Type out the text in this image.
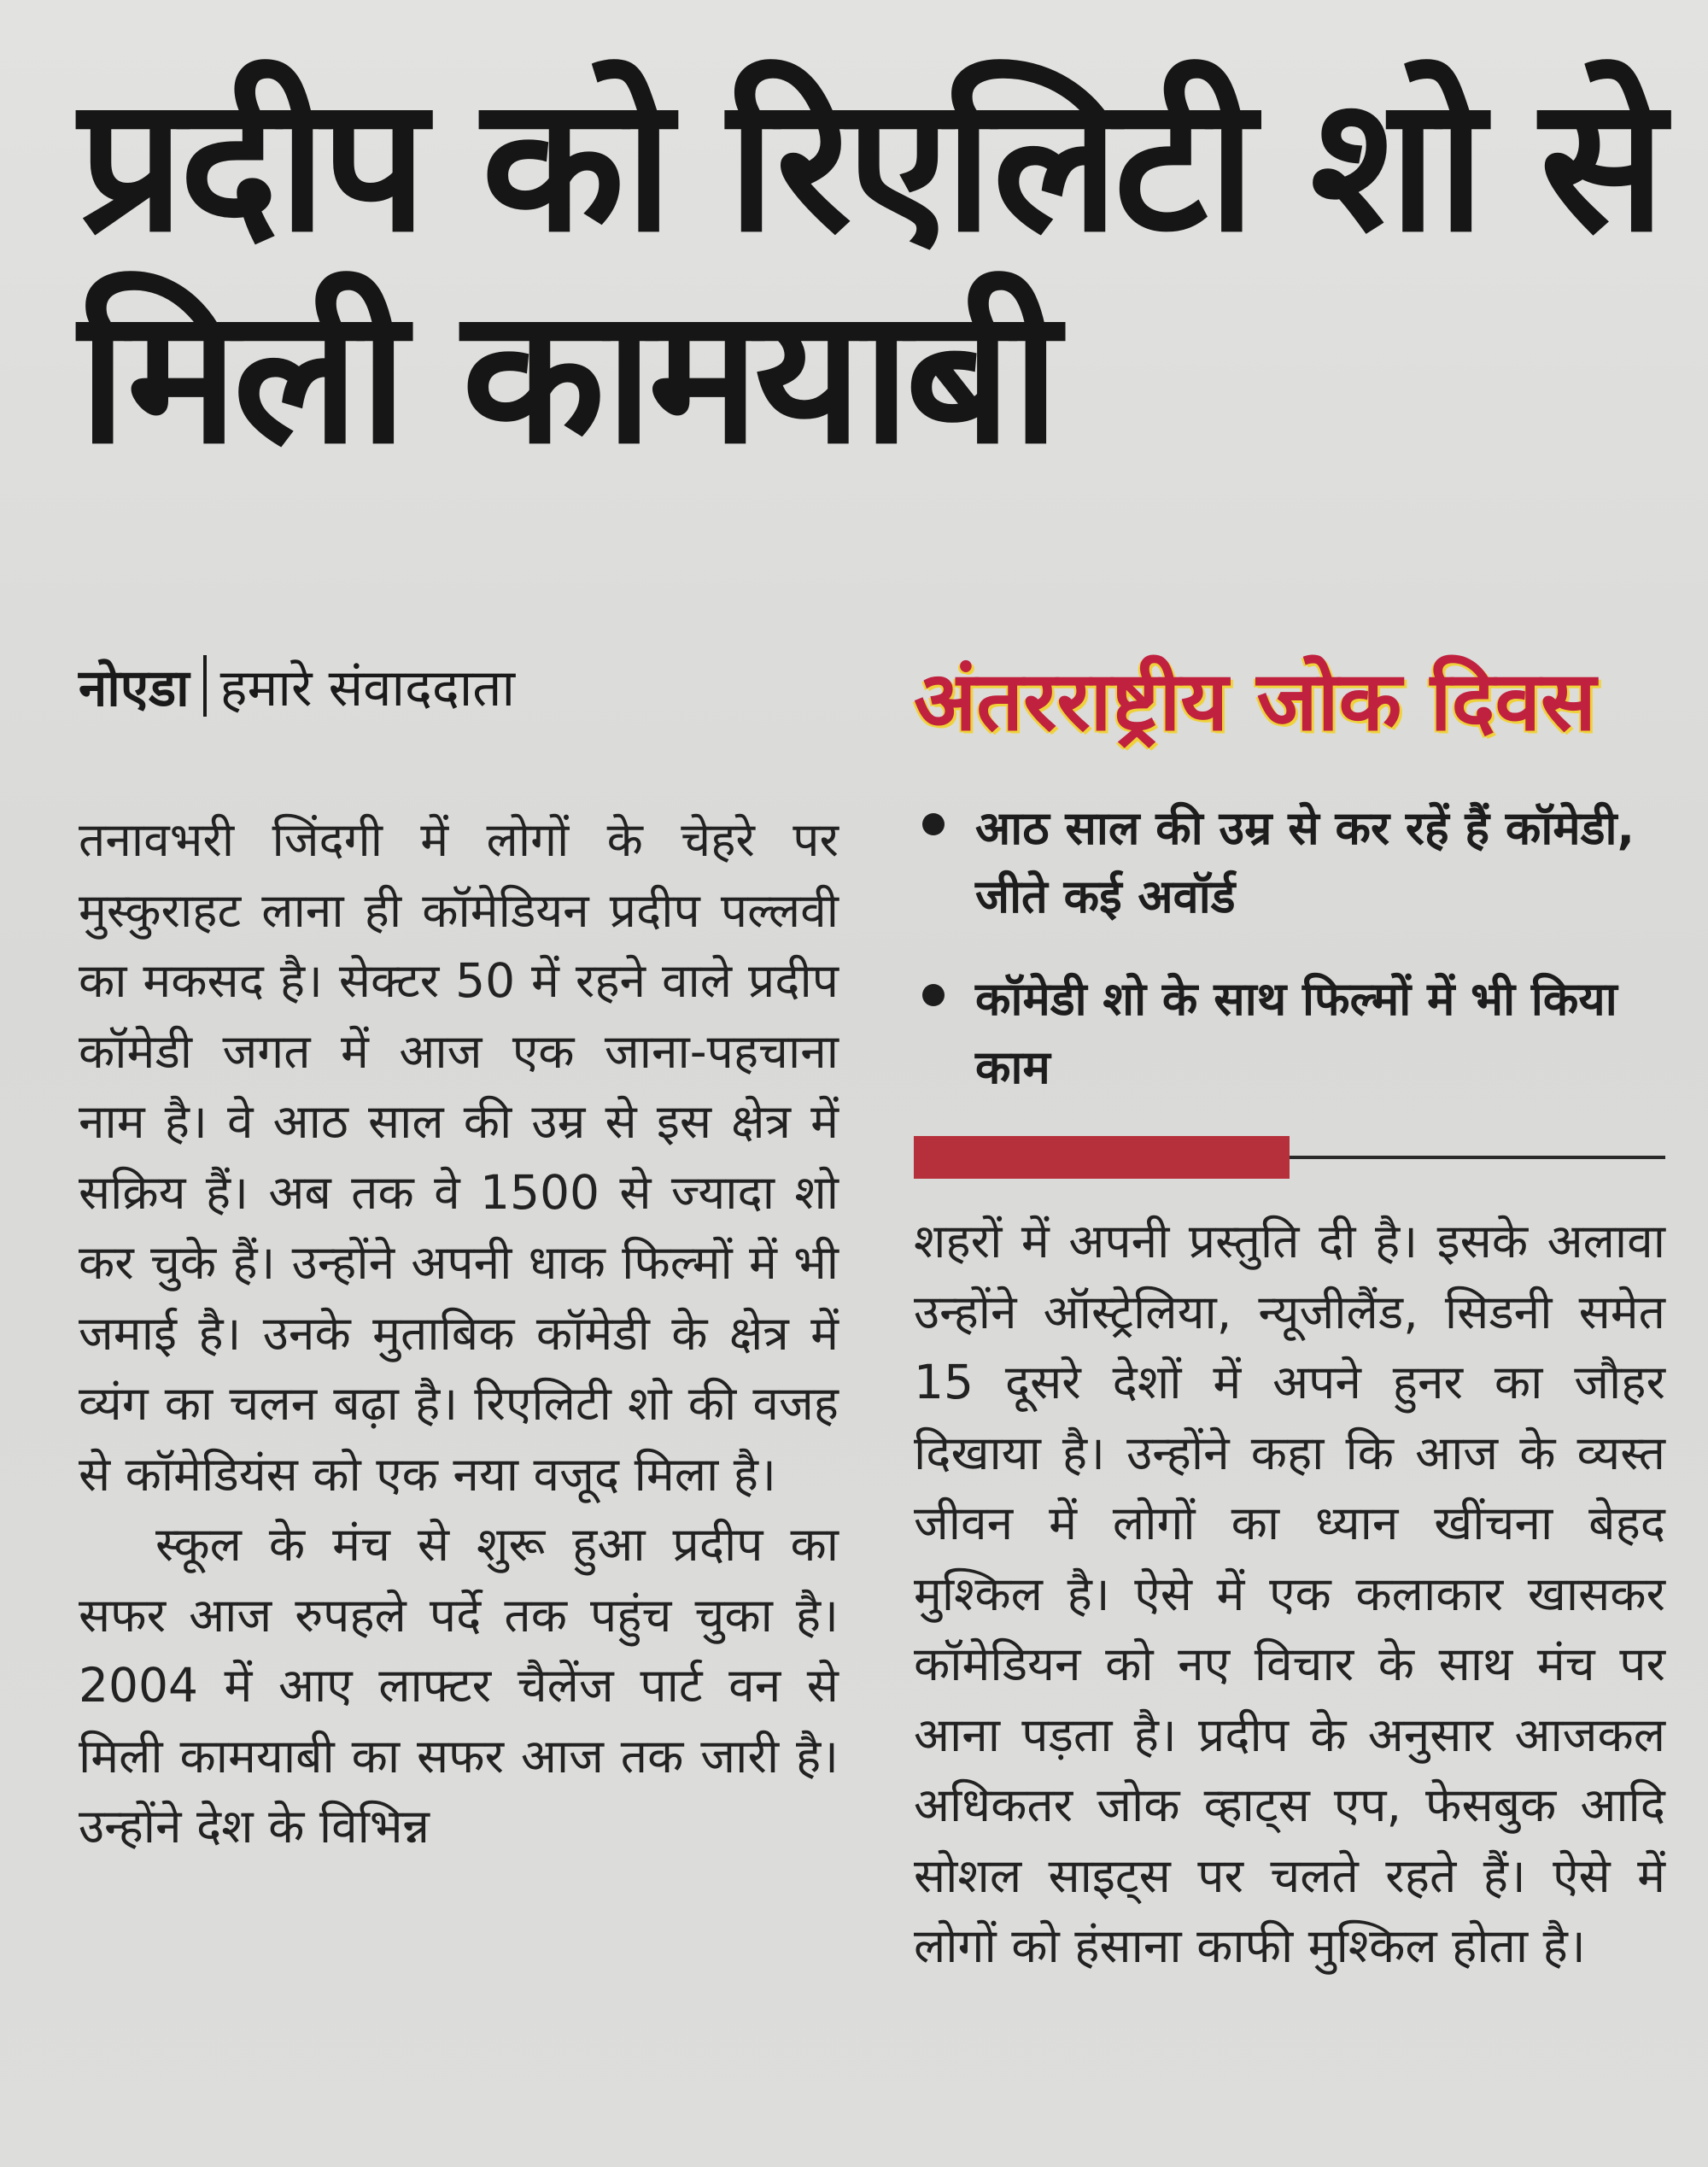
प्रदीप को रिएलिटी शो से मिली कामयाबी
नोएडा हमारे संवाददाता	अंतरराष्ट्रीय जोक दिवस
आठ साल की उम्र से कर रहें हैं कॉमेडी, जीते कई अवॉर्ड
कॉमेडी शो के साथ फिल्मों में भी किया काम

तनावभरी जिंदगी में लोगों के चेहरे पर मुस्कुराहट लाना ही कॉमेडियन प्रदीप पल्लवी का मकसद है। सेक्टर 50 में रहने वाले प्रदीप कॉमेडी जगत में आज एक जाना-पहचाना नाम है। वे आठ साल की उम्र से इस क्षेत्र में सक्रिय हैं। अब तक वे 1500 से ज्यादा शो कर चुके हैं। उन्होंने अपनी धाक फिल्मों में भी जमाई है। उनके मुताबिक कॉमेडी के क्षेत्र में व्यंग का चलन बढ़ा है। रिएलिटी शो की वजह से कॉमेडियंस को एक नया वजूद मिला है।

स्कूल के मंच से शुरू हुआ प्रदीप का सफर आज रुपहले पर्दे तक पहुंच चुका है। 2004 में आए लाफ्टर चैलेंज पार्ट वन से मिली कामयाबी का सफर आज तक जारी है। उन्होंने देश के विभिन्न

शहरों में अपनी प्रस्तुति दी है। इसके अलावा उन्होंने ऑस्ट्रेलिया, न्यूजीलैंड, सिडनी समेत 15 दूसरे देशों में अपने हुनर का जौहर दिखाया है। उन्होंने कहा कि आज के व्यस्त जीवन में लोगों का ध्यान खींचना बेहद मुश्किल है। ऐसे में एक कलाकार खासकर कॉमेडियन को नए विचार के साथ मंच पर आना पड़ता है। प्रदीप के अनुसार आजकल अधिकतर जोक व्हाट्स एप, फेसबुक आदि सोशल साइट्स पर चलते रहते हैं। ऐसे में लोगों को हंसाना काफी मुश्किल होता है।
